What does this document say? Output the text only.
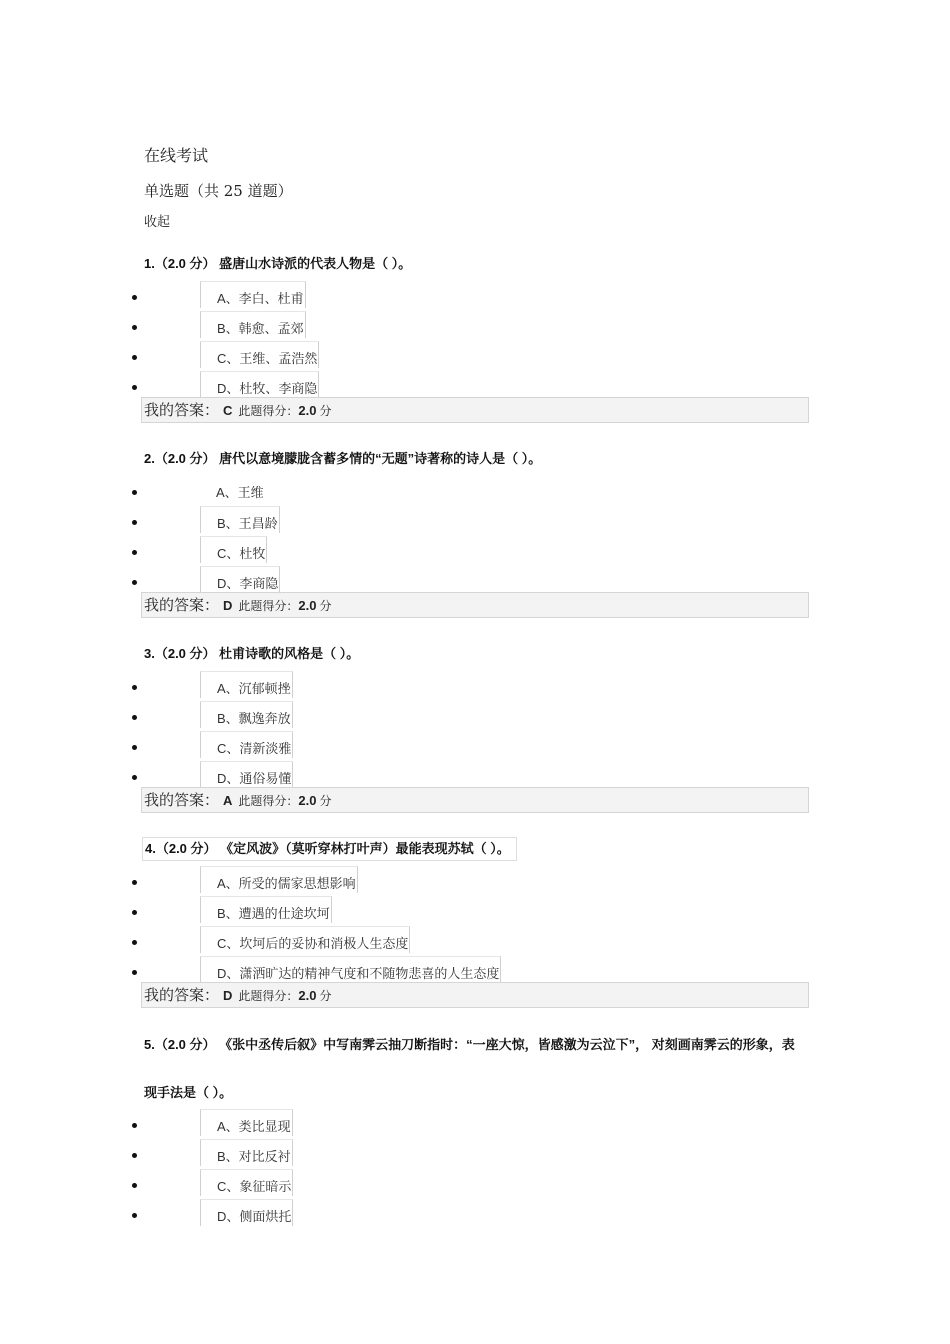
在线考试
单选题（共 25 道题）
收起
1.（2.0 分） 盛唐山水诗派的代表人物是（ ）。
A、李白、杜甫
B、韩愈、孟郊
C、王维、孟浩然
D、杜牧、李商隐
我的答案： C 此题得分：2.0 分
2.（2.0 分） 唐代以意境朦胧含蓄多情的“无题”诗著称的诗人是（ ）。
A、王维
B、王昌龄
C、杜牧
D、李商隐
我的答案： D 此题得分：2.0 分
3.（2.0 分） 杜甫诗歌的风格是（ ）。
A、沉郁顿挫
B、飘逸奔放
C、清新淡雅
D、通俗易懂
我的答案： A 此题得分：2.0 分
4.（2.0 分） 《定风波》（莫听穿林打叶声）最能表现苏轼（ ）。
A、所受的儒家思想影响
B、遭遇的仕途坎坷
C、坎坷后的妥协和消极人生态度
D、潇洒旷达的精神气度和不随物悲喜的人生态度
我的答案： D 此题得分：2.0 分
5.（2.0 分） 《张中丞传后叙》中写南霁云抽刀断指时：“一座大惊，皆感激为云泣下”， 对刻画南霁云的形象，表现手法是（ ）。
A、类比显现
B、对比反衬
C、象征暗示
D、侧面烘托
